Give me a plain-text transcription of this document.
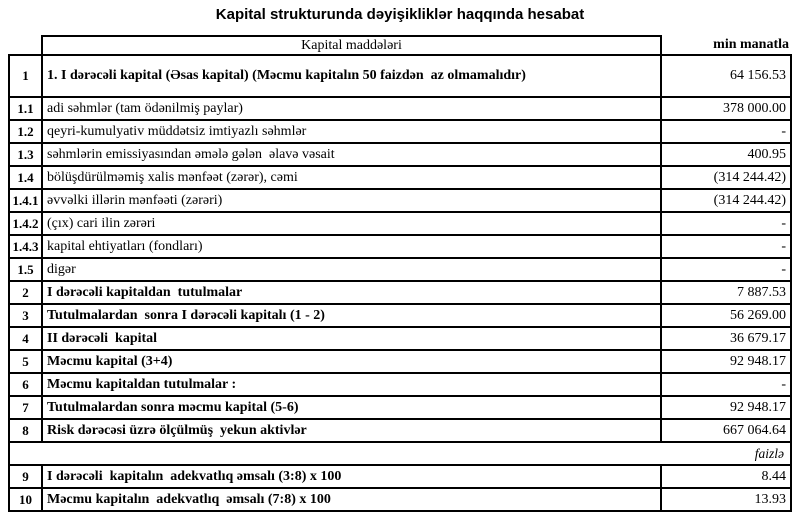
Kapital strukturunda dəyişikliklər haqqında hesabat
Kapital maddələri	min manatla
1	1. I dərəcəli kapital (Əsas kapital) (Məcmu kapitalın 50 faizdən  az olmamalıdır)	64 156.53
1.1 adi səhmlər (tam ödənilmiş paylar)	378 000.00
1.2 qeyri-kumulyativ müddətsiz imtiyazlı səhmlər	-
1.3 səhmlərin emissiyasından əmələ gələn  əlavə vəsait	400.95
1.4 bölüşdürülməmiş xalis mənfəət (zərər), cəmi	(314 244.42)
1.4.1 əvvəlki illərin mənfəəti (zərəri)	(314 244.42)
1.4.2 (çıx) cari ilin zərəri	-
1.4.3 kapital ehtiyatları (fondları)	-
1.5 digər	-
2	I dərəcəli kapitaldan  tutulmalar	7 887.53
3	Tutulmalardan  sonra I dərəcəli kapitalı (1 - 2)	56 269.00
4	II dərəcəli  kapital	36 679.17
5	Məcmu kapital (3+4)	92 948.17
6	Məcmu kapitaldan tutulmalar :	-
7	Tutulmalardan sonra məcmu kapital (5-6)	92 948.17
8	Risk dərəcəsi üzrə ölçülmüş  yekun aktivlər	667 064.64
faizlə
9	I dərəcəli  kapitalın  adekvatlıq əmsalı (3:8) x 100	8.44
10	Məcmu kapitalın  adekvatlıq  əmsalı (7:8) x 100	13.93
